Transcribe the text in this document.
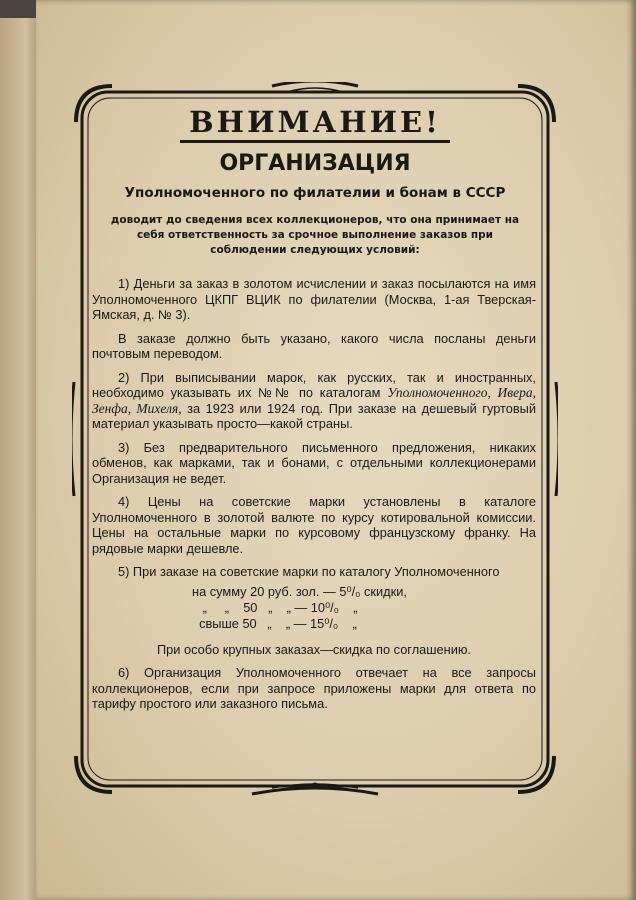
ВНИМАНИЕ!
ОРГАНИЗАЦИЯ
Уполномоченного по филателии и бонам в СССР
доводит до сведения всех коллекционеров, что она принимает на себя ответственность за срочное выполнение заказов при соблюдении следующих условий:
1) Деньги за заказ в золотом исчислении и заказ посылаются на имя Уполномоченного ЦКПГ ВЦИК по филателии (Москва, 1-ая Тверская-Ямская, д. № 3).
В заказе должно быть указано, какого числа посланы деньги почтовым переводом.
2) При выписывании марок, как русских, так и иностранных, необходимо указывать их №№ по каталогам Уполномоченного, Ивера, Зенфа, Михеля, за 1923 или 1924 год. При заказе на дешевый гуртовый материал указывать просто—какой страны.
3) Без предварительного письменного предложения, никаких обменов, как марками, так и бонами, с отдельными коллекционерами Организация не ведет.
4) Цены на советские марки установлены в каталоге Уполномоченного в золотой валюте по курсу котировальной комиссии. Цены на остальные марки по курсовому французскому франку. На рядовые марки дешевле.
5) При заказе на советские марки по каталогу Уполномоченного
на сумму 20 руб. зол. — 5⁰/₀ скидки,
„     „    50   „    „ — 10⁰/₀    „
свыше 50   „    „ — 15⁰/₀    „
При особо крупных заказах—скидка по соглашению.
6) Организация Уполномоченного отвечает на все запросы коллекционеров, если при запросе приложены марки для ответа по тарифу простого или заказного письма.
